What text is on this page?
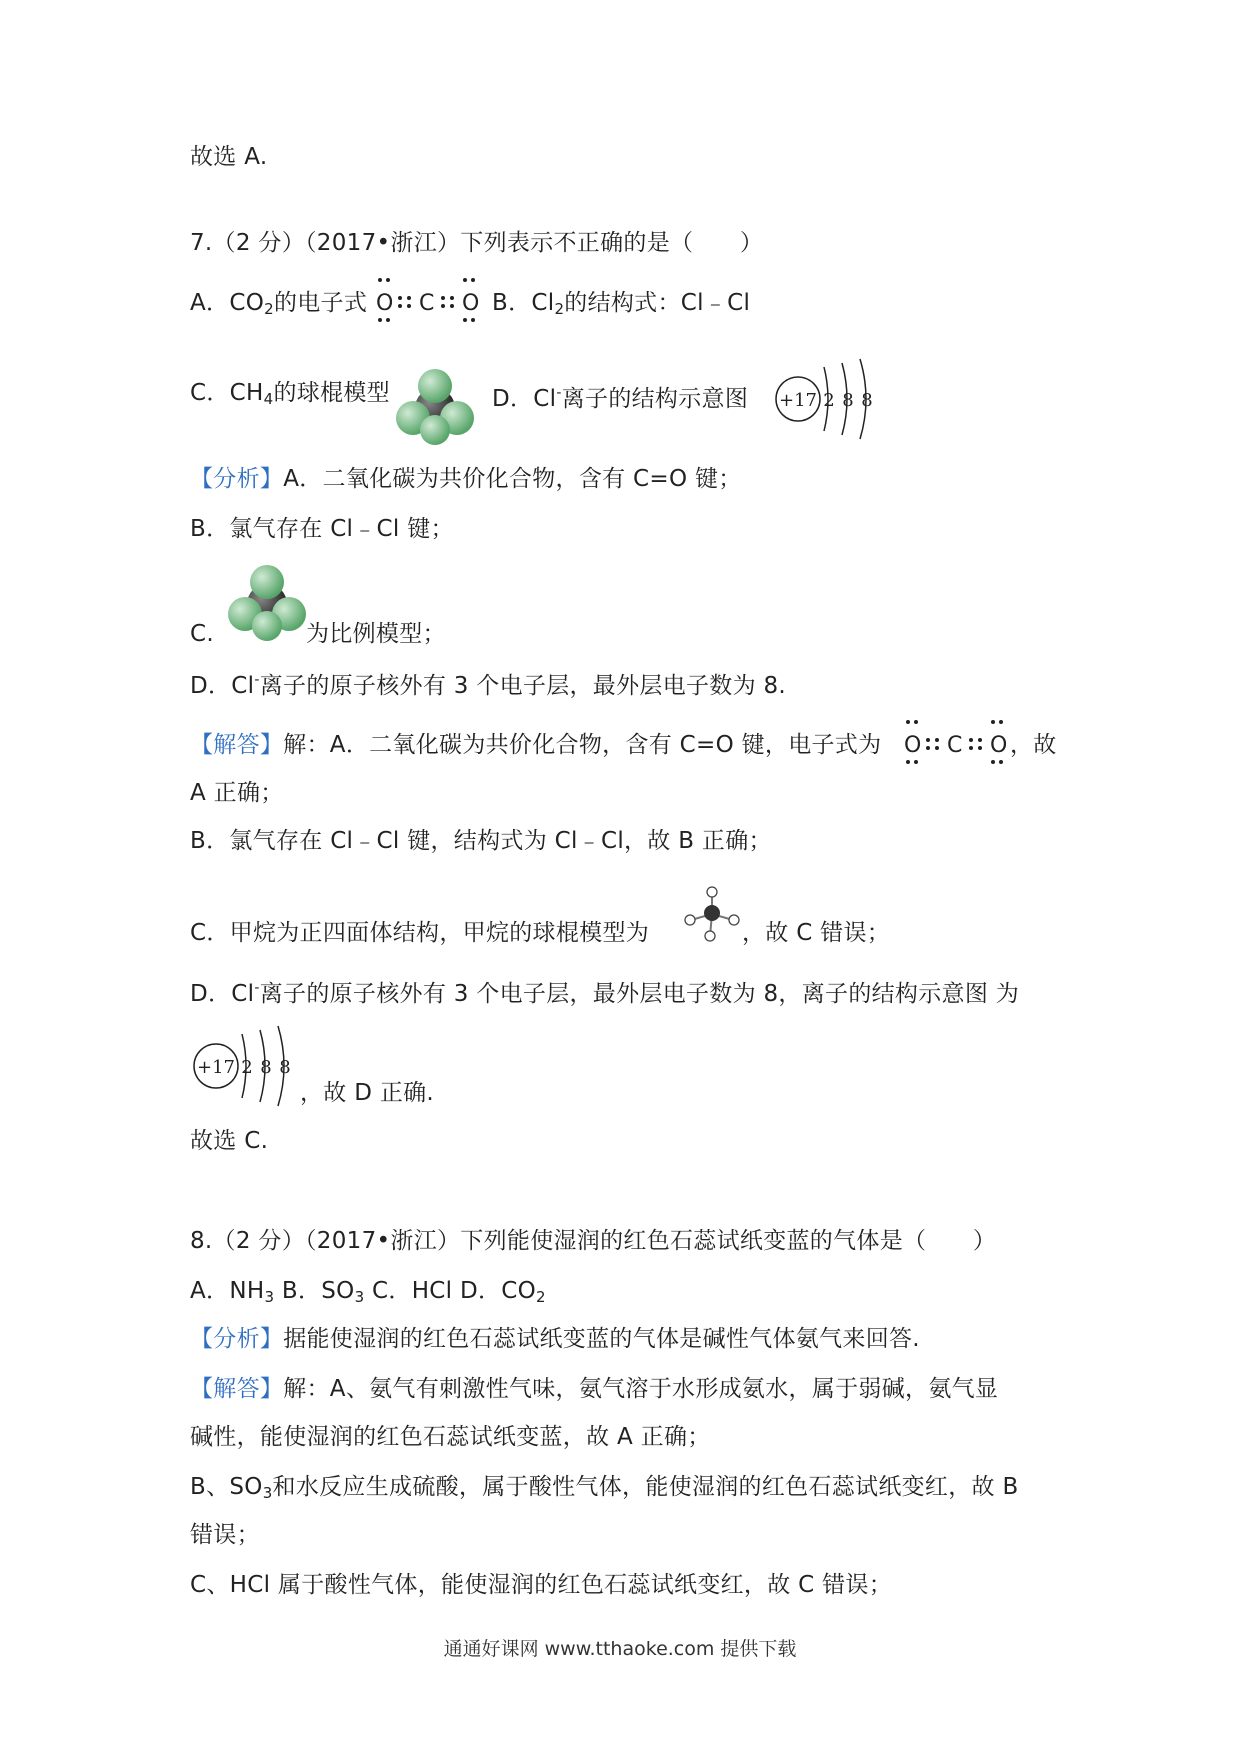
故选 A.
7.（2 分）（2017•浙江）下列表示不正确的是（　　）
A．$CO_2$的电子式 O C O B．$Cl_2$的结构式：Cl﹣Cl
C．$CH_4$的球棍模型	D．Cl-离子的结构示意图 +17 2 8 8
【分析】A．二氧化碳为共价化合物，含有 C=O 键；
B．氯气存在 Cl﹣Cl 键；
C.	为比例模型；
D．Cl-离子的原子核外有 3 个电子层，最外层电子数为 8.
【解答】解：A．二氧化碳为共价化合物，含有 C=O 键，电子式为 O C O ，故
A 正确；
B．氯气存在 Cl﹣Cl 键，结构式为 Cl﹣Cl，故 B 正确；
C．甲烷为正四面体结构，甲烷的球棍模型为	，故 C 错误；
D．Cl-离子的原子核外有 3 个电子层，最外层电子数为 8，离子的结构示意图 为
+17 2 8 8
，故 D 正确.
故选 C.
8.（2 分）（2017•浙江）下列能使湿润的红色石蕊试纸变蓝的气体是（　　）
A．$NH_3$ B．$SO_3$ C．HCl D．$CO_2$
【分析】据能使湿润的红色石蕊试纸变蓝的气体是碱性气体氨气来回答.
【解答】解：A、氨气有刺激性气味，氨气溶于水形成氨水，属于弱碱，氨气显
碱性，能使湿润的红色石蕊试纸变蓝，故 A 正确；
B、$SO_3$和水反应生成硫酸，属于酸性气体，能使湿润的红色石蕊试纸变红，故 B
错误；
C、HCl 属于酸性气体，能使湿润的红色石蕊试纸变红，故 C 错误；
通通好课网 www.tthaoke.com 提供下载
